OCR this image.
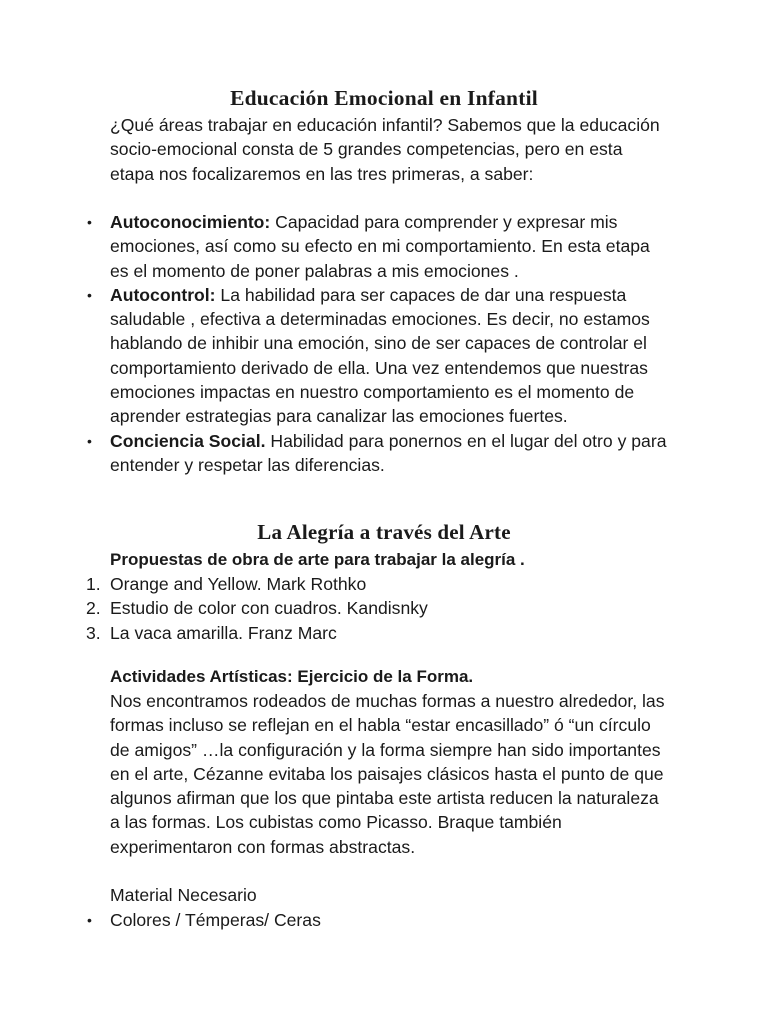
Educación Emocional en Infantil
¿Qué áreas trabajar en educación infantil? Sabemos que la educación socio-emocional consta de 5 grandes competencias, pero en esta etapa nos focalizaremos en las tres primeras, a saber:
• Autoconocimiento: Capacidad para comprender y expresar mis emociones, así como su efecto en mi comportamiento. En esta etapa es el momento de poner palabras a mis emociones .
• Autocontrol: La habilidad para ser capaces de dar una respuesta saludable , efectiva a determinadas emociones. Es decir, no estamos hablando de inhibir una emoción, sino de ser capaces de controlar el comportamiento derivado de ella. Una vez entendemos que nuestras emociones impactas en nuestro comportamiento es el momento de aprender estrategias para canalizar las emociones fuertes.
• Conciencia Social. Habilidad para ponernos en el lugar del otro y para entender y respetar las diferencias.
La Alegría a través del Arte
Propuestas de obra de arte para trabajar la alegría .
1. Orange and Yellow. Mark Rothko
2. Estudio de color con cuadros. Kandisnky
3. La vaca amarilla. Franz Marc
Actividades Artísticas: Ejercicio de la Forma.
Nos encontramos rodeados de muchas formas a nuestro alrededor, las formas incluso se reflejan en el habla “estar encasillado” ó “un círculo de amigos” …la configuración y la forma siempre han sido importantes en el arte, Cézanne evitaba los paisajes clásicos hasta el punto de que algunos afirman que los que pintaba este artista reducen la naturaleza a las formas. Los cubistas como Picasso. Braque también experimentaron con formas abstractas.
Material Necesario
• Colores / Témperas/ Ceras
